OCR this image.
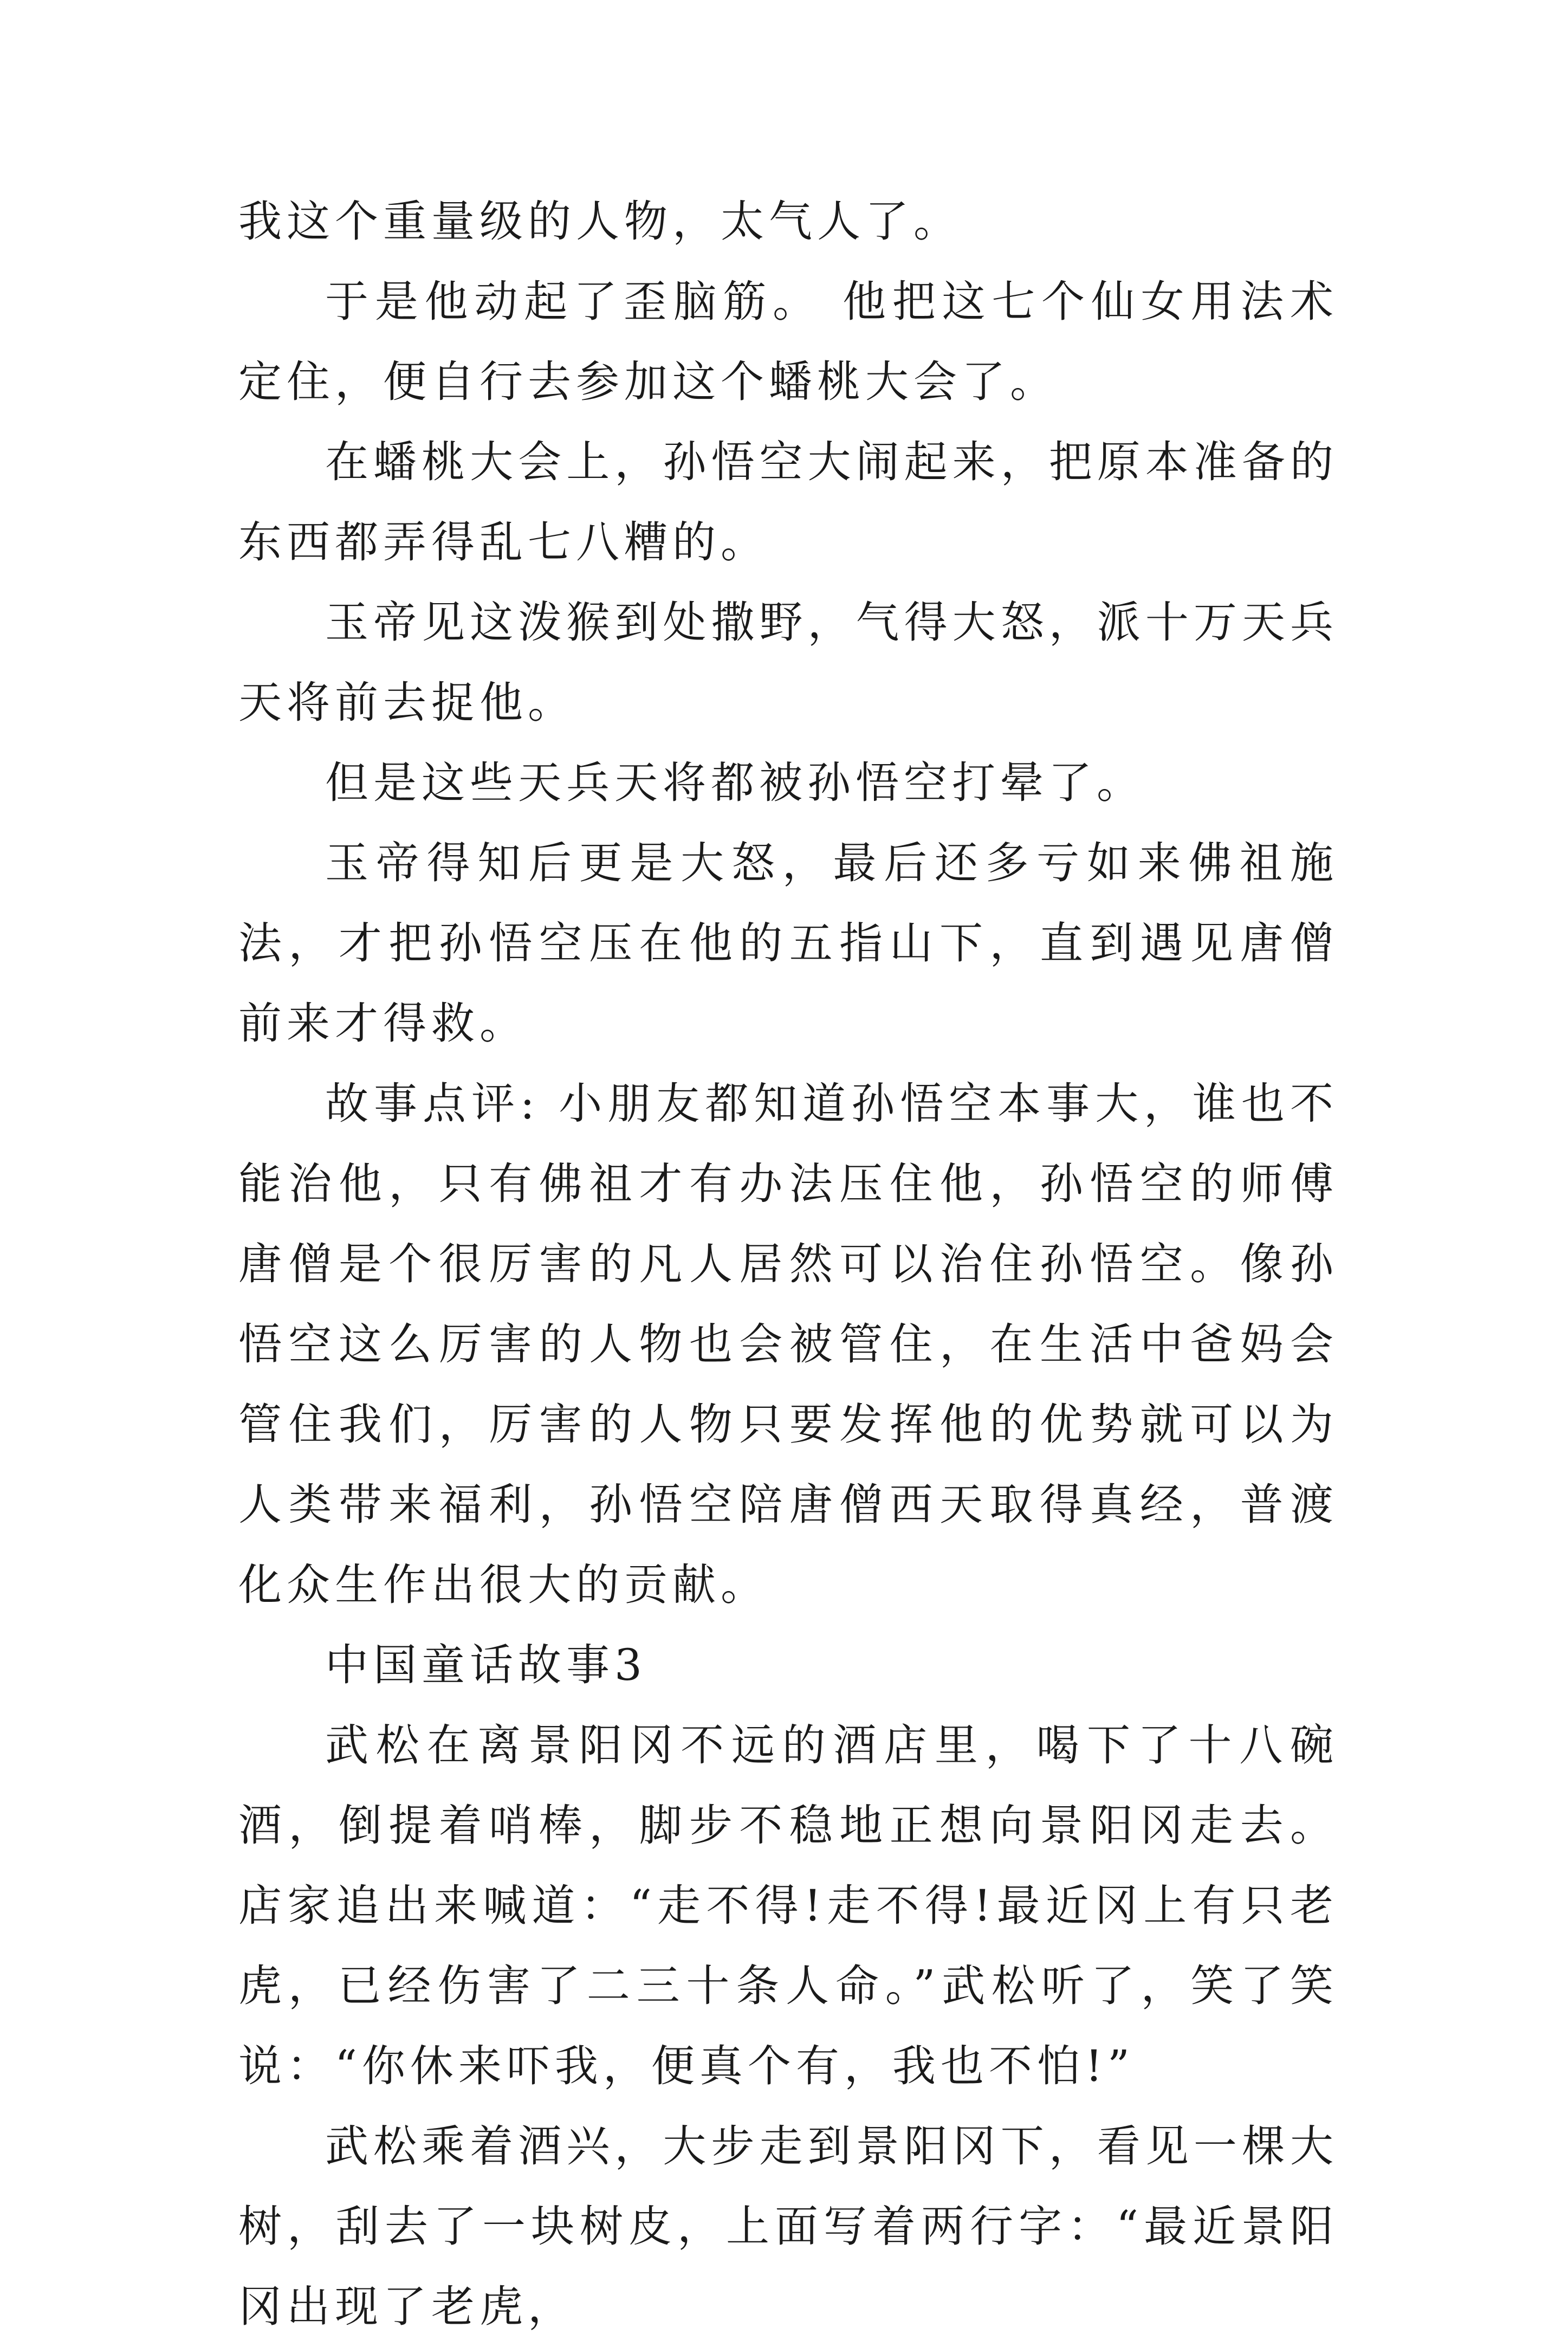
我这个重量级的人物，太气人了。

于是他动起了歪脑筋。 他把这七个仙女用法术定住，便自行去参加这个蟠桃大会了。

在蟠桃大会上，孙悟空大闹起来，把原本准备的东西都弄得乱七八糟的。

玉帝见这泼猴到处撒野，气得大怒，派十万天兵天将前去捉他。

但是这些天兵天将都被孙悟空打晕了。

玉帝得知后更是大怒，最后还多亏如来佛祖施法，才把孙悟空压在他的五指山下，直到遇见唐僧前来才得救。

故事点评: 小朋友都知道孙悟空本事大，谁也不能治他，只有佛祖才有办法压住他，孙悟空的师傅唐僧是个很厉害的凡人居然可以治住孙悟空。像孙悟空这么厉害的人物也会被管住，在生活中爸妈会管住我们，厉害的人物只要发挥他的优势就可以为人类带来福利，孙悟空陪唐僧西天取得真经，普渡化众生作出很大的贡献。

中国童话故事3

武松在离景阳冈不远的酒店里，喝下了十八碗酒，倒提着哨棒，脚步不稳地正想向景阳冈走去。店家追出来喊道：“走不得!走不得!最近冈上有只老虎，已经伤害了二三十条人命。”武松听了，笑了笑说：“你休来吓我，便真个有，我也不怕!”

武松乘着酒兴，大步走到景阳冈下，看见一棵大树，刮去了一块树皮，上面写着两行字：“最近景阳冈出现了老虎，
